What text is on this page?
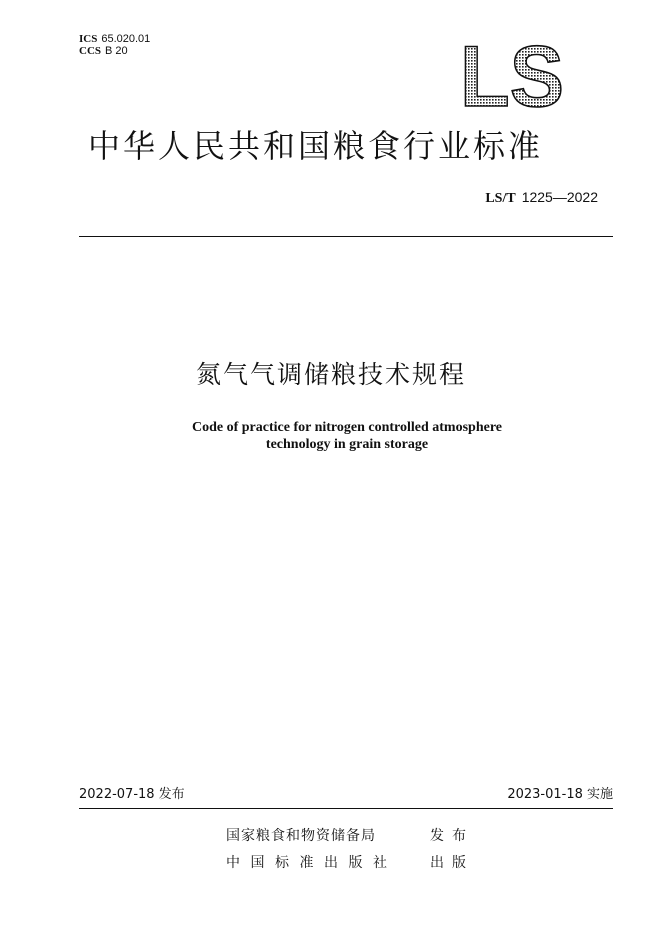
ICS 65.020.01
CCS B 20	LS
中华人民共和国粮食行业标准
LS/T 1225—2022
氮气气调储粮技术规程
Code of practice for nitrogen controlled atmosphere
technology in grain storage
2022-07-18 发布	2023-01-18 实施
国家粮食和物资储备局	发布
中国标准出版社 出版
